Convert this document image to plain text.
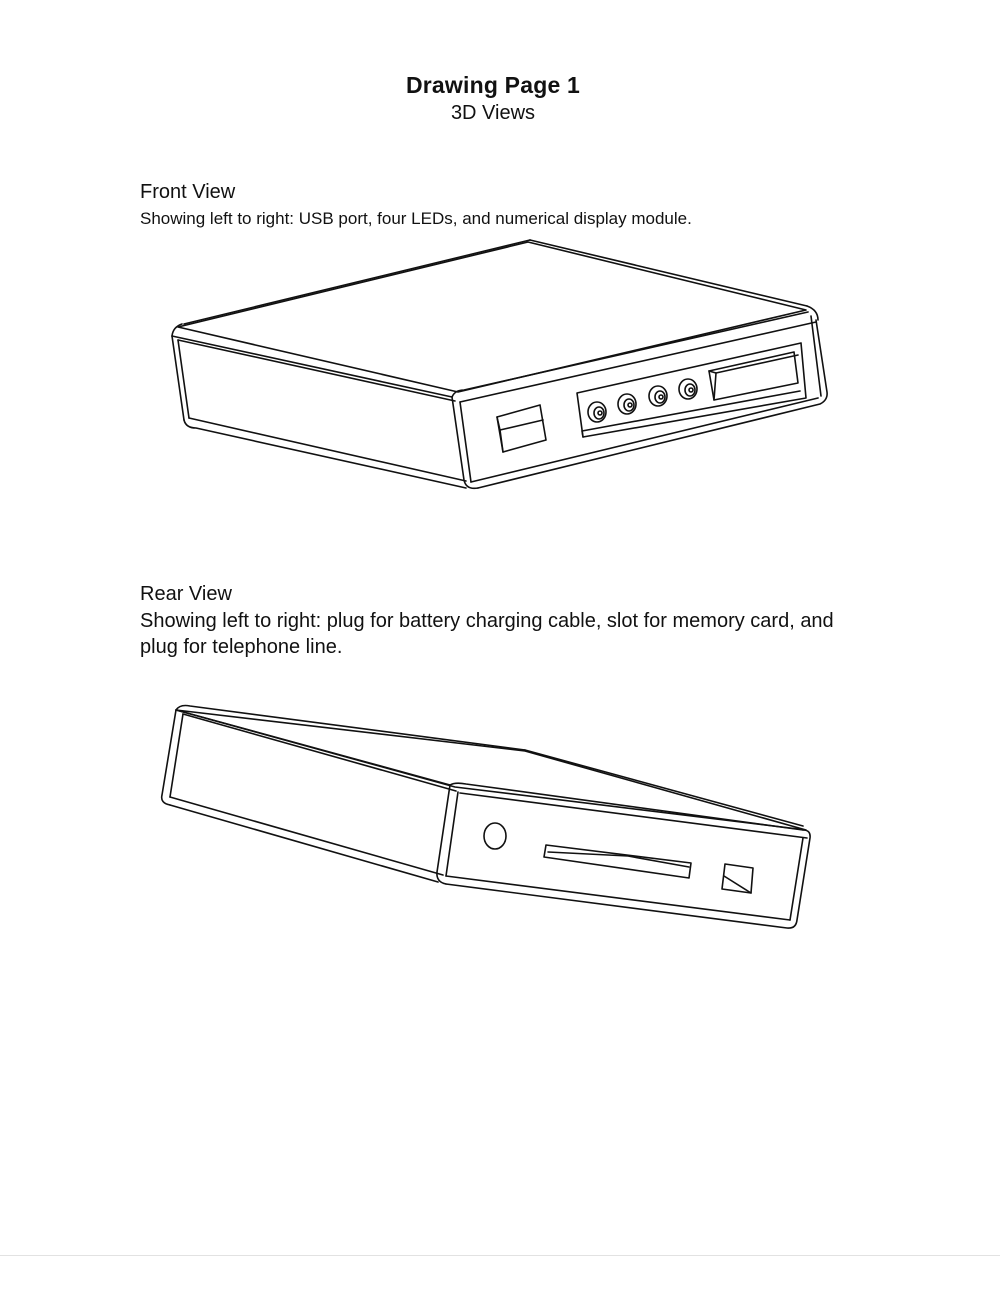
Drawing Page 1
3D Views
Front View
Showing left to right: USB port, four LEDs, and numerical display module.
Rear View
Showing left to right: plug for battery charging cable, slot for memory card, and plug for telephone line.
